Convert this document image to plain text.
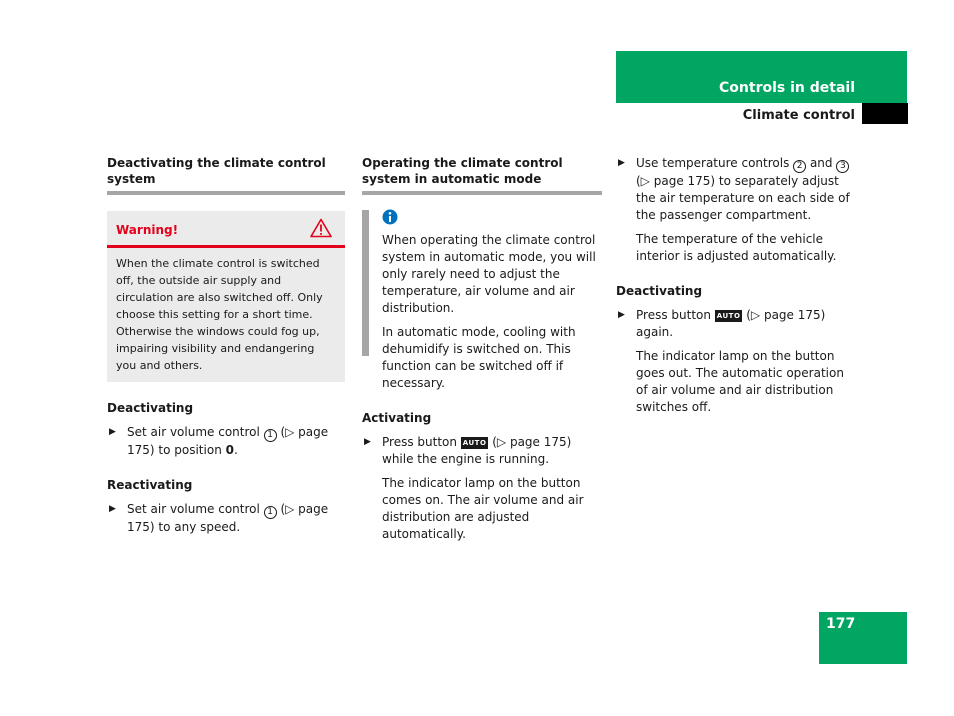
Controls in detail
Climate control
Deactivating the climate control system
Warning!
When the climate control is switched off, the outside air supply and circulation are also switched off. Only choose this setting for a short time. Otherwise the windows could fog up, impairing visibility and endangering you and others.
Deactivating
▶ Set air volume control 1 (▷ page 175) to position 0.
Reactivating
▶ Set air volume control 1 (▷ page 175) to any speed.
Operating the climate control system in automatic mode

When operating the climate control system in automatic mode, you will only rarely need to adjust the temperature, air volume and air distribution.

In automatic mode, cooling with dehumidify is switched on. This function can be switched off if necessary.

Activating
▶ Press button AUTO (▷ page 175) while the engine is running.

The indicator lamp on the button comes on. The air volume and air distribution are adjusted automatically.

▶ Use temperature controls 2 and 3 (▷ page 175) to separately adjust the air temperature on each side of the passenger compartment.

The temperature of the vehicle interior is adjusted automatically.

Deactivating
▶ Press button AUTO (▷ page 175) again.

The indicator lamp on the button goes out. The automatic operation of air volume and air distribution switches off.

177
